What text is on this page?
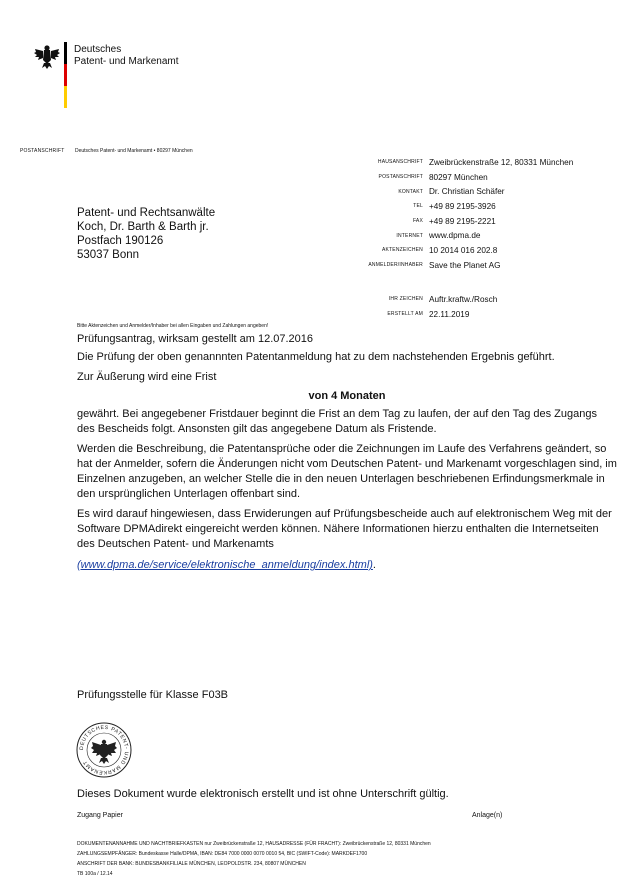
Deutsches
Patent- und Markenamt
POSTANSCHRIFT Deutsches Patent- und Markenamt • 80297 München
Patent- und Rechtsanwälte
Koch, Dr. Barth & Barth jr.
Postfach 190126
53037 Bonn
HAUSANSCHRIFT	Zweibrückenstraße 12, 80331 München
POSTANSCHRIFT	80297 München
KONTAKT	Dr. Christian Schäfer
TEL	+49 89 2195-3926
FAX	+49 89 2195-2221
INTERNET	www.dpma.de
AKTENZEICHEN	10 2014 016 202.8
ANMELDER/INHABER	Save the Planet AG
IHR ZEICHEN	Auftr.kraftw./Rosch
ERSTELLT AM	22.11.2019
Bitte Aktenzeichen und Anmelder/Inhaber bei allen Eingaben und Zahlungen angeben!

Prüfungsantrag, wirksam gestellt am 12.07.2016

Die Prüfung der oben genannnten Patentanmeldung hat zu dem nachstehenden Ergebnis geführt.

Zur Äußerung wird eine Frist

von 4 Monaten

gewährt. Bei angegebener Fristdauer beginnt die Frist an dem Tag zu laufen, der auf den Tag des Zugangs des Bescheids folgt. Ansonsten gilt das angegebene Datum als Fristende.

Werden die Beschreibung, die Patentansprüche oder die Zeichnungen im Laufe des Verfahrens geändert, so hat der Anmelder, sofern die Änderungen nicht vom Deutschen Patent- und Markenamt vorgeschlagen sind, im Einzelnen anzugeben, an welcher Stelle die in den neuen Unterlagen beschriebenen Erfindungsmerkmale in den ursprünglichen Unterlagen offenbart sind.

Es wird darauf hingewiesen, dass Erwiderungen auf Prüfungsbescheide auch auf elektronischem Weg mit der Software DPMAdirekt eingereicht werden können. Nähere Informationen hierzu enthalten die Internetseiten des Deutschen Patent- und Markenamts

(www.dpma.de/service/elektronische_anmeldung/index.html).

Prüfungsstelle für Klasse F03B
DEUTSCHES PATENT- UND MARKENAMT
Dieses Dokument wurde elektronisch erstellt und ist ohne Unterschrift gültig.
Zugang Papier	Anlage(n)
DOKUMENTENANNAHME UND NACHTBRIEFKASTEN nur Zweibrückenstraße 12, HAUSADRESSE (FÜR FRACHT): Zweibrückenstraße 12, 80331 München
ZAHLUNGSEMPFÄNGER: Bundeskasse Halle/DPMA, IBAN: DE84 7000 0000 0070 0010 54, BIC (SWIFT-Code): MARKDEF1700
ANSCHRIFT DER BANK: BUNDESBANKFILIALE MÜNCHEN, LEOPOLDSTR. 234, 80807 MÜNCHEN
TB 100a / 12.14
